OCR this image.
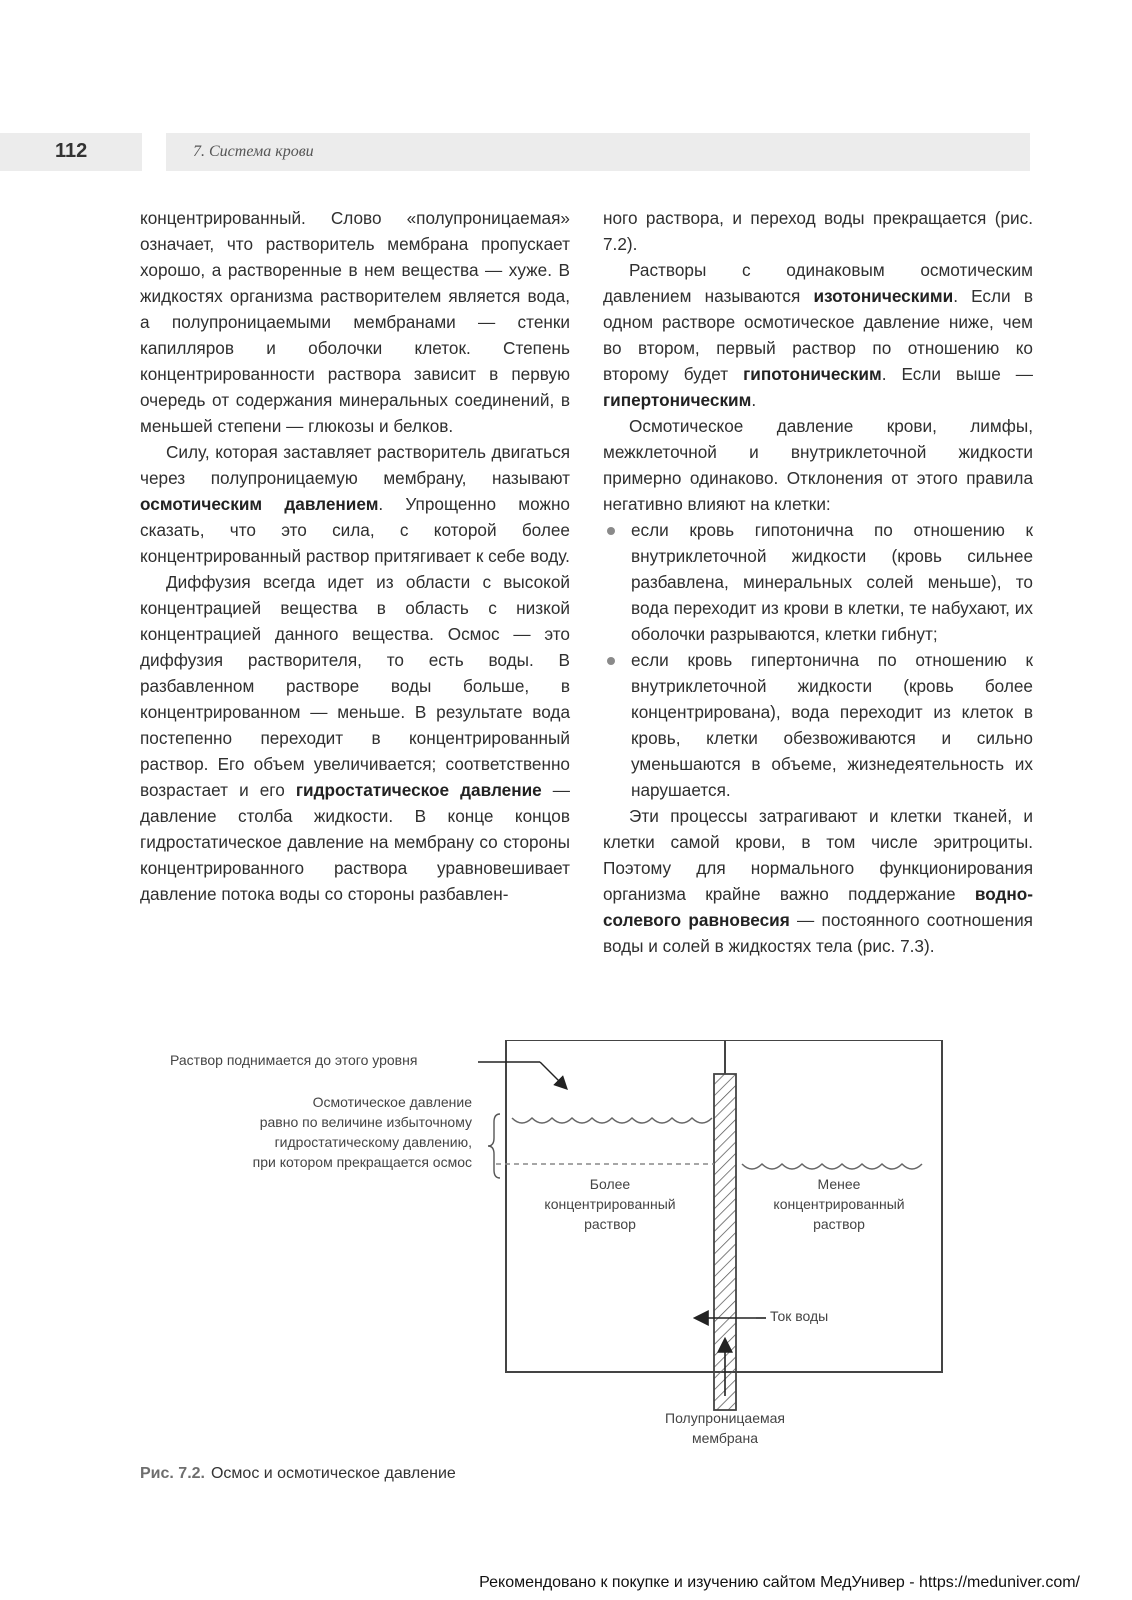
112	7. Система крови

концентрированный. Слово «полупроницаемая» означает, что растворитель мембрана пропускает хорошо, а растворенные в нем вещества — хуже. В жидкостях организма растворителем является вода, а полупроницаемыми мембранами — стенки капилляров и оболочки клеток. Степень концентрированности раствора зависит в первую очередь от содержания минеральных соединений, в меньшей степени — глюкозы и белков.

Силу, которая заставляет растворитель двигаться через полупроницаемую мембрану, называют осмотическим давлением. Упрощенно можно сказать, что это сила, с которой более концентрированный раствор притягивает к себе воду.

Диффузия всегда идет из области с высокой концентрацией вещества в область с низкой концентрацией данного вещества. Осмос — это диффузия растворителя, то есть воды. В разбавленном растворе воды больше, в концентрированном — меньше. В результате вода постепенно переходит в концентрированный раствор. Его объем увеличивается; соответственно возрастает и его гидростатическое давление — давление столба жидкости. В конце концов гидростатическое давление на мембрану со стороны концентрированного раствора уравновешивает давление потока воды со стороны разбавлен-

ного раствора, и переход воды прекращается (рис. 7.2).

Растворы с одинаковым осмотическим давлением называются изотоническими. Если в одном растворе осмотическое давление ниже, чем во втором, первый раствор по отношению ко второму будет гипотоническим. Если выше — гипертоническим.

Осмотическое давление крови, лимфы, межклеточной и внутриклеточной жидкости примерно одинаково. Отклонения от этого правила негативно влияют на клетки:

если кровь гипотонична по отношению к внутриклеточной жидкости (кровь сильнее разбавлена, минеральных солей меньше), то вода переходит из крови в клетки, те набухают, их оболочки разрываются, клетки гибнут;
если кровь гипертонична по отношению к внутриклеточной жидкости (кровь более концентрирована), вода переходит из клеток в кровь, клетки обезвоживаются и сильно уменьшаются в объеме, жизнедеятельность их нарушается.

Эти процессы затрагивают и клетки тканей, и клетки самой крови, в том числе эритроциты. Поэтому для нормального функционирования организма крайне важно поддержание водно-солевого равновесия — постоянного соотношения воды и солей в жидкостях тела (рис. 7.3).

Раствор поднимается до этого уровня
Осмотическое давление
равно по величине избыточному
гидростатическому давлению,
при котором прекращается осмос
Более
концентрированный
раствор
Менее
концентрированный
раствор
Ток воды
Полупроницаемая
мембрана
Рис. 7.2. Осмос и осмотическое давление
Рекомендовано к покупке и изучению сайтом МедУнивер - https://meduniver.com/
